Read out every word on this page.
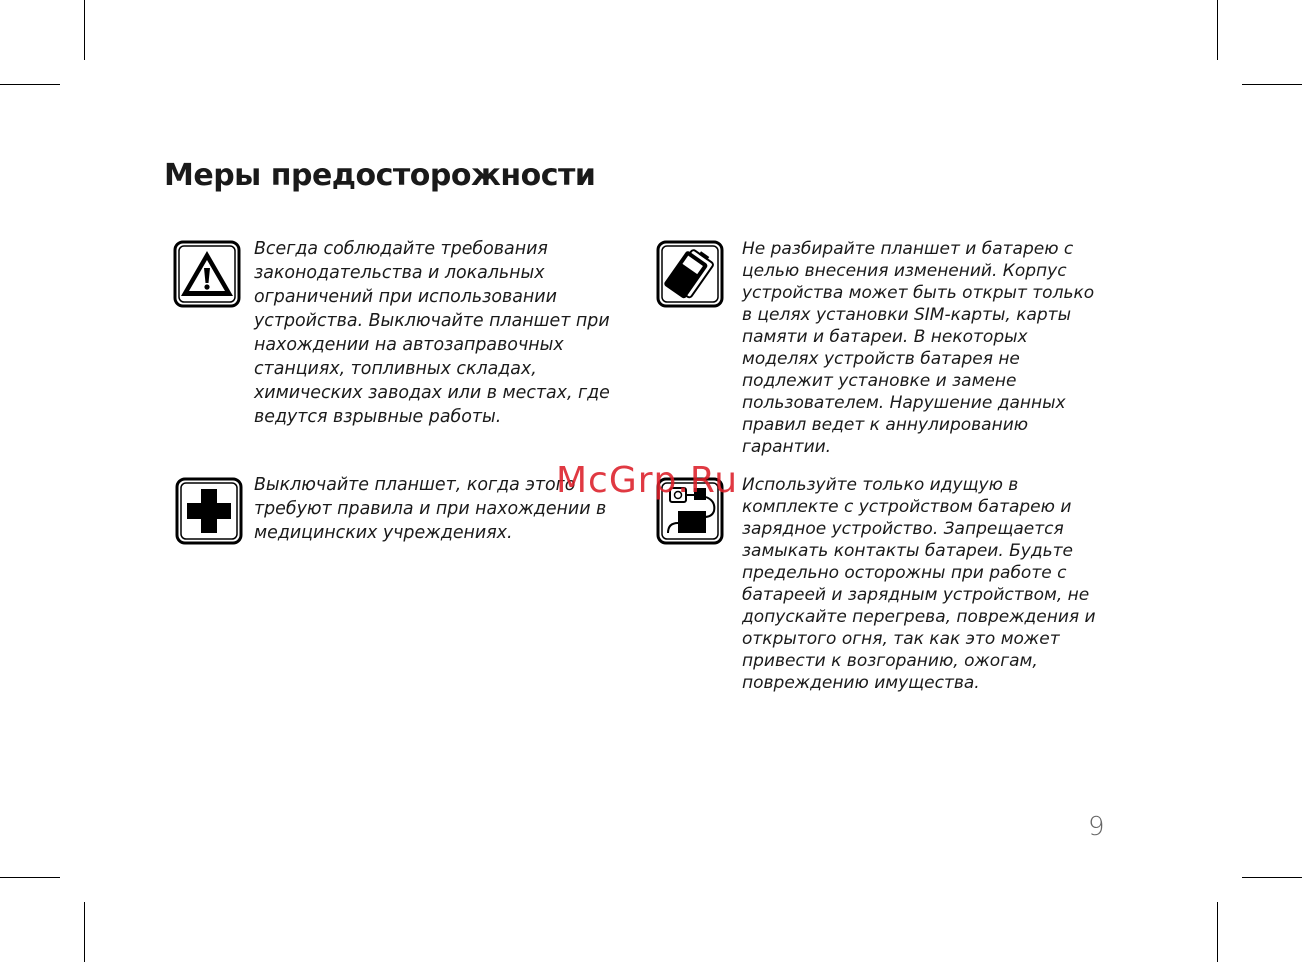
Меры предосторожности

Всегда соблюдайте требования законодательства и локальных ограничений при использовании устройства. Выключайте планшет при нахождении на автозаправочных станциях, топливных складах, химических заводах или в местах, где ведутся взрывные работы.

Выключайте планшет, когда этого требуют правила и при нахождении в медицинских учреждениях.

Не разбирайте планшет и батарею с целью внесения изменений. Корпус устройства может быть открыт только в целях установки SIM-карты, карты памяти и батареи. В некоторых моделях устройств батарея не подлежит установке и замене пользователем. Нарушение данных правил ведет к аннулированию гарантии.

Используйте только идущую в комплекте с устройством батарею и зарядное устройство. Запрещается замыкать контакты батареи. Будьте предельно осторожны при работе с батареей и зарядным устройством, не допускайте перегрева, повреждения и открытого огня, так как это может привести к возгоранию, ожогам, повреждению имущества.

McGrp.Ru
9
